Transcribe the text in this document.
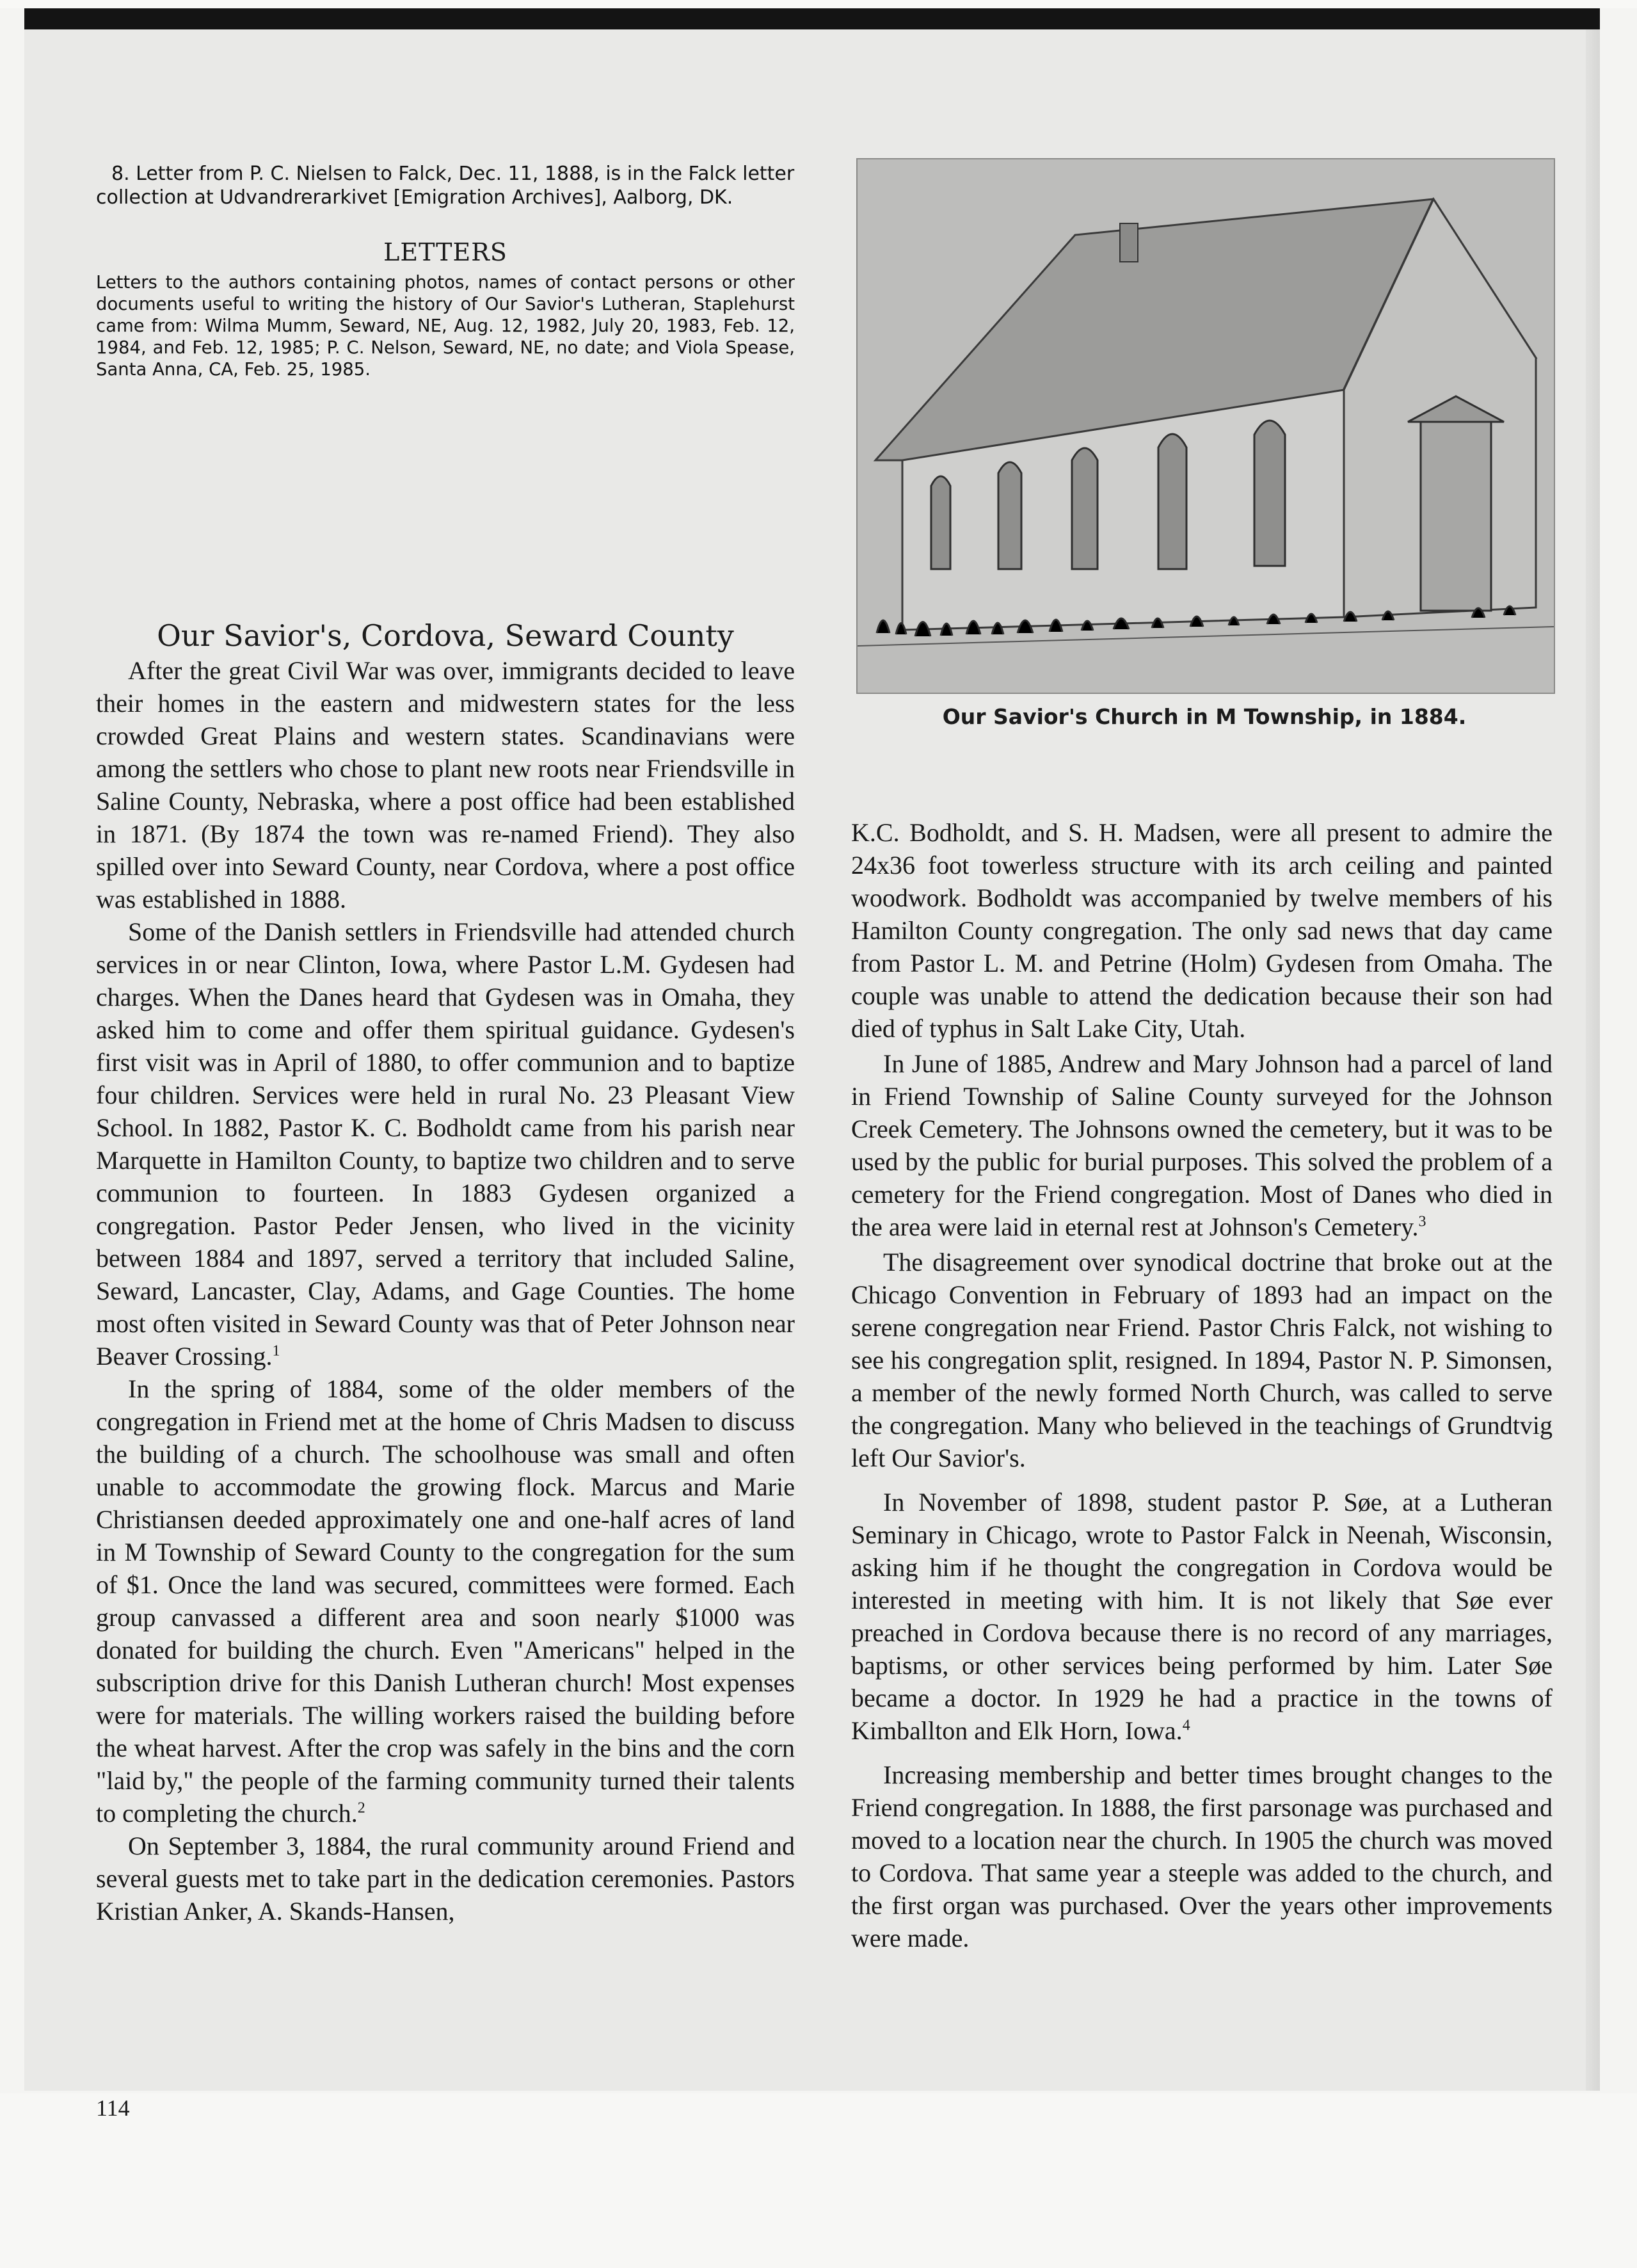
8. Letter from P. C. Nielsen to Falck, Dec. 11, 1888, is in the Falck letter collection at Udvandrerarkivet [Emigration Archives], Aalborg, DK.
LETTERS
Letters to the authors containing photos, names of contact persons or other documents useful to writing the history of Our Savior's Lutheran, Staplehurst came from: Wilma Mumm, Seward, NE, Aug. 12, 1982, July 20, 1983, Feb. 12, 1984, and Feb. 12, 1985; P. C. Nelson, Seward, NE, no date; and Viola Spease, Santa Anna, CA, Feb. 25, 1985.
Our Savior's, Cordova, Seward County

After the great Civil War was over, immigrants decided to leave their homes in the eastern and midwestern states for the less crowded Great Plains and western states. Scandinavians were among the settlers who chose to plant new roots near Friendsville in Saline County, Nebraska, where a post office had been established in 1871. (By 1874 the town was re-named Friend). They also spilled over into Seward County, near Cordova, where a post office was established in 1888.

Some of the Danish settlers in Friendsville had attended church services in or near Clinton, Iowa, where Pastor L.M. Gydesen had charges. When the Danes heard that Gydesen was in Omaha, they asked him to come and offer them spiritual guidance. Gydesen's first visit was in April of 1880, to offer communion and to baptize four children. Services were held in rural No. 23 Pleasant View School. In 1882, Pastor K. C. Bodholdt came from his parish near Marquette in Hamilton County, to baptize two children and to serve communion to fourteen. In 1883 Gydesen organized a congregation. Pastor Peder Jensen, who lived in the vicinity between 1884 and 1897, served a territory that included Saline, Seward, Lancaster, Clay, Adams, and Gage Counties. The home most often visited in Seward County was that of Peter Johnson near Beaver Crossing.$^1$

In the spring of 1884, some of the older members of the congregation in Friend met at the home of Chris Madsen to discuss the building of a church. The schoolhouse was small and often unable to accommodate the growing flock. Marcus and Marie Christiansen deeded approximately one and one-half acres of land in M Township of Seward County to the congregation for the sum of $1. Once the land was secured, committees were formed. Each group canvassed a different area and soon nearly $1000 was donated for building the church. Even "Americans" helped in the subscription drive for this Danish Lutheran church! Most expenses were for materials. The willing workers raised the building before the wheat harvest. After the crop was safely in the bins and the corn "laid by," the people of the farming community turned their talents to completing the church.$^2$

On September 3, 1884, the rural community around Friend and several guests met to take part in the dedication ceremonies. Pastors Kristian Anker, A. Skands-Hansen,

Our Savior's Church in M Township, in 1884.

K.C. Bodholdt, and S. H. Madsen, were all present to admire the 24x36 foot towerless structure with its arch ceiling and painted woodwork. Bodholdt was accompanied by twelve members of his Hamilton County congregation. The only sad news that day came from Pastor L. M. and Petrine (Holm) Gydesen from Omaha. The couple was unable to attend the dedication because their son had died of typhus in Salt Lake City, Utah.

In June of 1885, Andrew and Mary Johnson had a parcel of land in Friend Township of Saline County surveyed for the Johnson Creek Cemetery. The Johnsons owned the cemetery, but it was to be used by the public for burial purposes. This solved the problem of a cemetery for the Friend congregation. Most of Danes who died in the area were laid in eternal rest at Johnson's Cemetery.$^3$

The disagreement over synodical doctrine that broke out at the Chicago Convention in February of 1893 had an impact on the serene congregation near Friend. Pastor Chris Falck, not wishing to see his congregation split, resigned. In 1894, Pastor N. P. Simonsen, a member of the newly formed North Church, was called to serve the congregation. Many who believed in the teachings of Grundtvig left Our Savior's.

In November of 1898, student pastor P. Søe, at a Lutheran Seminary in Chicago, wrote to Pastor Falck in Neenah, Wisconsin, asking him if he thought the congregation in Cordova would be interested in meeting with him. It is not likely that Søe ever preached in Cordova because there is no record of any marriages, baptisms, or other services being performed by him. Later Søe became a doctor. In 1929 he had a practice in the towns of Kimballton and Elk Horn, Iowa.$^4$

Increasing membership and better times brought changes to the Friend congregation. In 1888, the first parsonage was purchased and moved to a location near the church. In 1905 the church was moved to Cordova. That same year a steeple was added to the church, and the first organ was purchased. Over the years other improvements were made.

114
